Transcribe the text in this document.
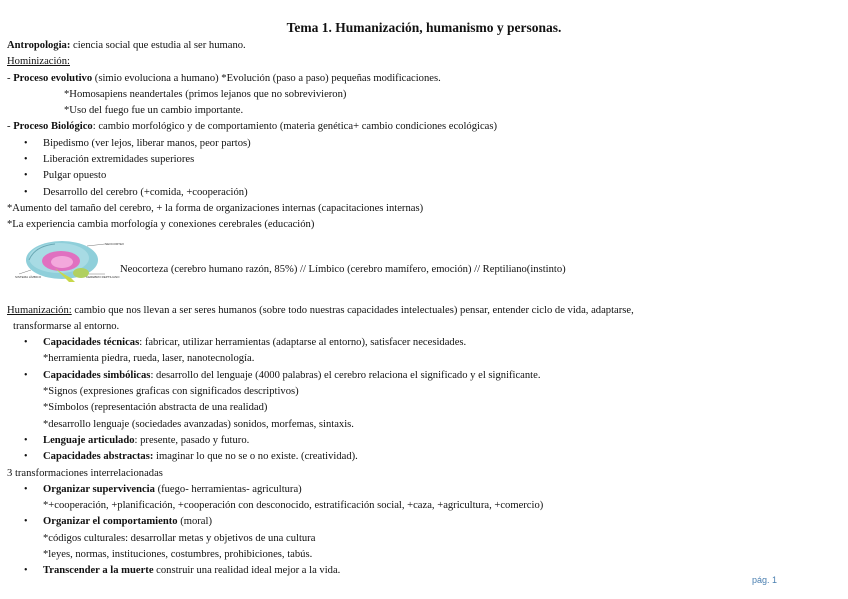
Tema 1. Humanización, humanismo y personas.
Antropologia: ciencia social que estudia al ser humano.
Hominización:
- Proceso evolutivo (simio evoluciona a humano) *Evolución (paso a paso) pequeñas modificaciones.
*Homosapiens neandertales (primos lejanos que no sobrevivieron)
*Uso del fuego fue un cambio importante.
- Proceso Biológico: cambio morfológico y de comportamiento (materia genética+ cambio condiciones ecológicas)
• Bipedismo (ver lejos, liberar manos, peor partos)
• Liberación extremidades superiores
• Pulgar opuesto
• Desarrollo del cerebro (+comida, +cooperación)
*Aumento del tamaño del cerebro, + la forma de organizaciones internas (capacitaciones internas)
*La experiencia cambia morfología y conexiones cerebrales (educación)
NEOCORTEX
SISTEMA LÍMBICO	CEREBRO REPTILIANO
Neocorteza (cerebro humano razón, 85%) // Límbico (cerebro mamífero, emoción) // Reptiliano(instinto)
Humanización: cambio que nos llevan a ser seres humanos (sobre todo nuestras capacidades intelectuales) pensar, entender ciclo de vida, adaptarse,
transformarse al entorno.
• Capacidades técnicas: fabricar, utilizar herramientas (adaptarse al entorno), satisfacer necesidades.
*herramienta piedra, rueda, laser, nanotecnología.
• Capacidades simbólicas: desarrollo del lenguaje (4000 palabras) el cerebro relaciona el significado y el significante.
*Signos (expresiones graficas con significados descriptivos)
*Símbolos (representación abstracta de una realidad)
*desarrollo lenguaje (sociedades avanzadas) sonidos, morfemas, sintaxis.
• Lenguaje articulado: presente, pasado y futuro.
• Capacidades abstractas: imaginar lo que no se o no existe. (creatividad).
3 transformaciones interrelacionadas
• Organizar supervivencia (fuego- herramientas- agricultura)
*+cooperación, +planificación, +cooperación con desconocido, estratificación social, +caza, +agricultura, +comercio)
• Organizar el comportamiento (moral)
*códigos culturales: desarrollar metas y objetivos de una cultura
*leyes, normas, instituciones, costumbres, prohibiciones, tabús.
• Transcender a la muerte construir una realidad ideal mejor a la vida.
pág. 1
